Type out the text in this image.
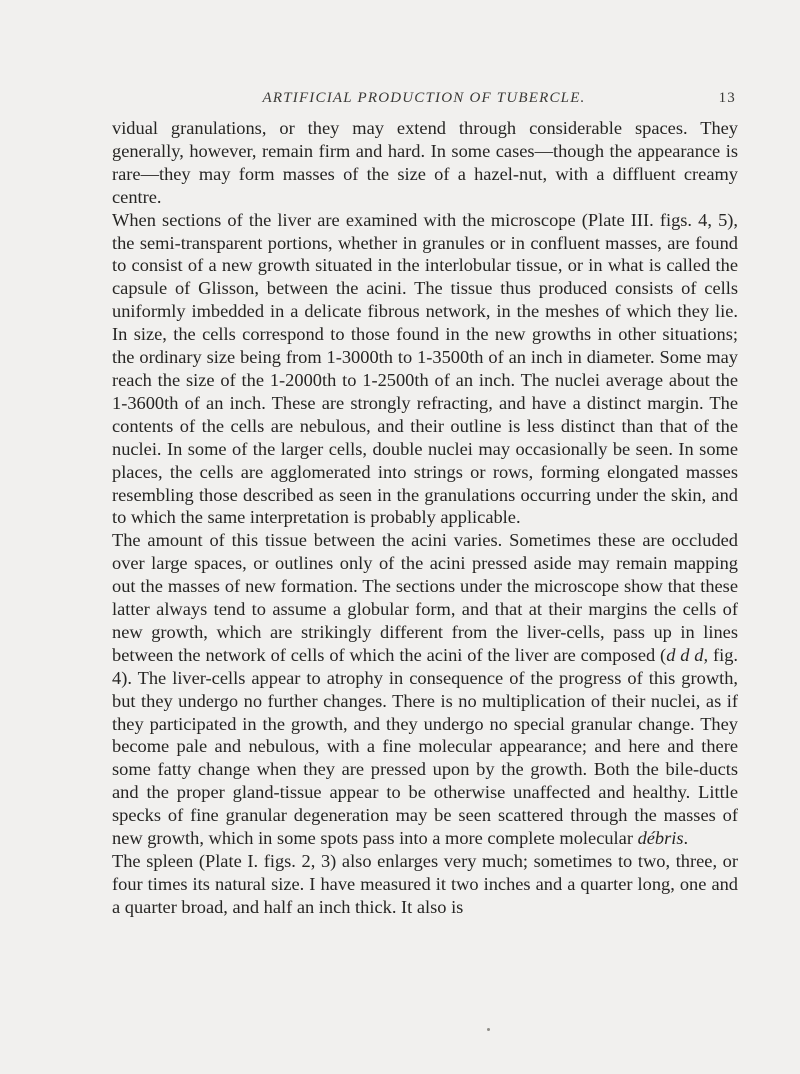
ARTIFICIAL PRODUCTION OF TUBERCLE.	13

vidual granulations, or they may extend through considerable spaces. They generally, however, remain firm and hard. In some cases—though the appearance is rare—they may form masses of the size of a hazel-nut, with a diffluent creamy centre.

When sections of the liver are examined with the microscope (Plate III. figs. 4, 5), the semi-transparent portions, whether in granules or in confluent masses, are found to consist of a new growth situated in the interlobular tissue, or in what is called the capsule of Glisson, between the acini. The tissue thus produced consists of cells uniformly imbedded in a delicate fibrous network, in the meshes of which they lie. In size, the cells correspond to those found in the new growths in other situations; the ordinary size being from 1-3000th to 1-3500th of an inch in diameter. Some may reach the size of the 1-2000th to 1-2500th of an inch. The nuclei average about the 1-3600th of an inch. These are strongly refracting, and have a distinct margin. The contents of the cells are nebulous, and their outline is less distinct than that of the nuclei. In some of the larger cells, double nuclei may occasionally be seen. In some places, the cells are agglomerated into strings or rows, forming elongated masses resembling those described as seen in the granulations occurring under the skin, and to which the same interpretation is probably applicable.

The amount of this tissue between the acini varies. Sometimes these are occluded over large spaces, or outlines only of the acini pressed aside may remain mapping out the masses of new formation. The sections under the microscope show that these latter always tend to assume a globular form, and that at their margins the cells of new growth, which are strikingly different from the liver-cells, pass up in lines between the network of cells of which the acini of the liver are composed (d d d, fig. 4). The liver-cells appear to atrophy in consequence of the progress of this growth, but they undergo no further changes. There is no multiplication of their nuclei, as if they participated in the growth, and they undergo no special granular change. They become pale and nebulous, with a fine molecular appearance; and here and there some fatty change when they are pressed upon by the growth. Both the bile-ducts and the proper gland-tissue appear to be otherwise unaffected and healthy. Little specks of fine granular degeneration may be seen scattered through the masses of new growth, which in some spots pass into a more complete molecular débris.

The spleen (Plate I. figs. 2, 3) also enlarges very much; sometimes to two, three, or four times its natural size. I have measured it two inches and a quarter long, one and a quarter broad, and half an inch thick. It also is
